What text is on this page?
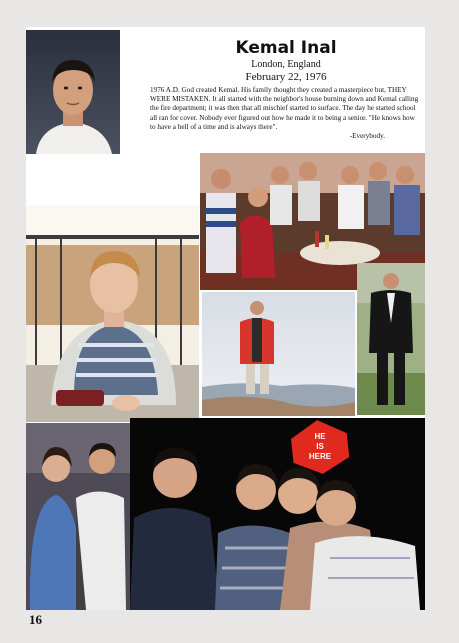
Kemal Inal

London, England

February 22, 1976

1976 A.D. God created Kemal. His family thought they created a masterpiece but, THEY WERE MISTAKEN. It all started with the neighbor's house burning down and Kemal calling the fire department; it was then that all mischief started to surface. The day he started school all ran for cover. Nobody ever figured out how he made it to being a senior. "He knows how to have a hell of a time and is always there".

-Everybody.

HE
IS
HERE
16
